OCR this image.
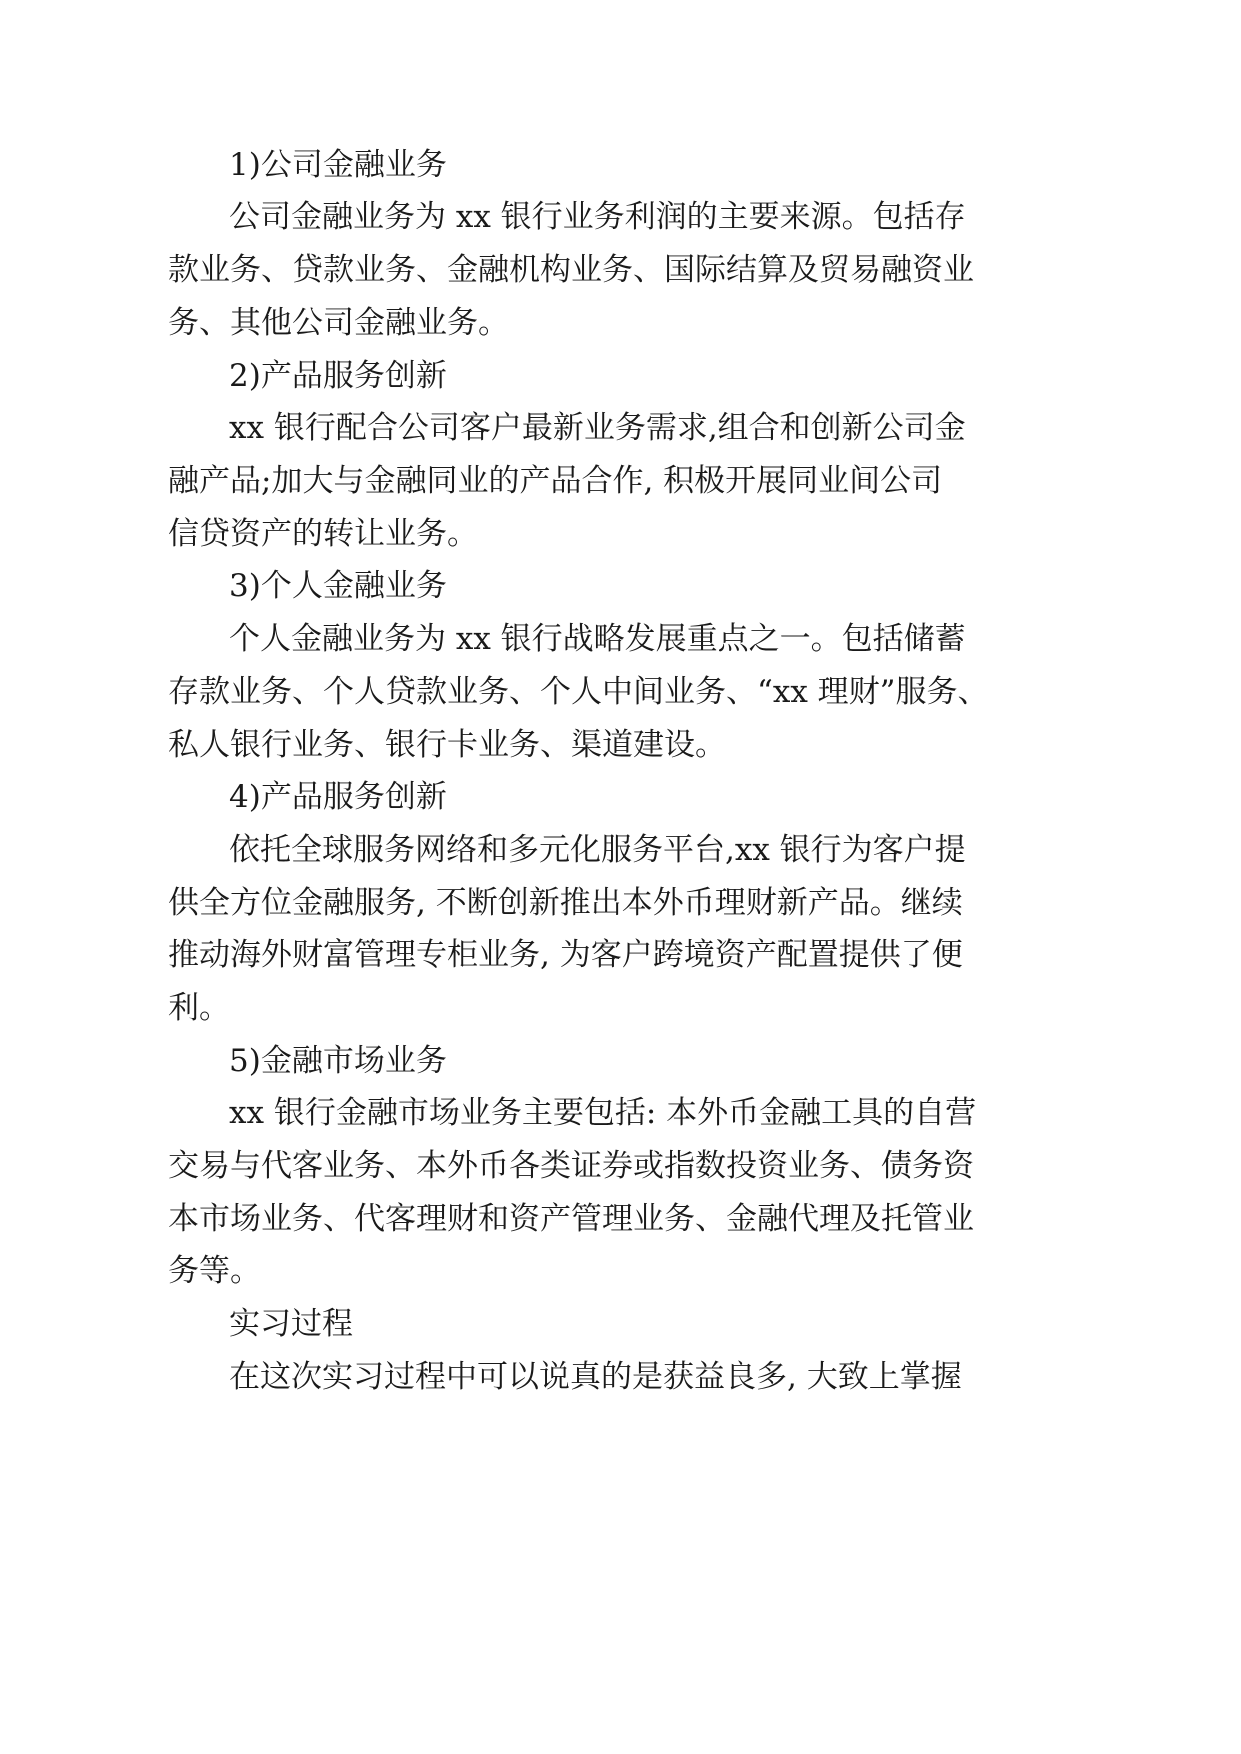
1)公司金融业务

公司金融业务为 xx 银行业务利润的主要来源。包括存

款业务、贷款业务、金融机构业务、国际结算及贸易融资业

务、其他公司金融业务。

2)产品服务创新

xx 银行配合公司客户最新业务需求,组合和创新公司金

融产品;加大与金融同业的产品合作, 积极开展同业间公司

信贷资产的转让业务。

3)个人金融业务

个人金融业务为 xx 银行战略发展重点之一。包括储蓄

存款业务、个人贷款业务、个人中间业务、“xx 理财”服务、

私人银行业务、银行卡业务、渠道建设。

4)产品服务创新

依托全球服务网络和多元化服务平台,xx 银行为客户提

供全方位金融服务, 不断创新推出本外币理财新产品。继续

推动海外财富管理专柜业务, 为客户跨境资产配置提供了便

利。

5)金融市场业务

xx 银行金融市场业务主要包括: 本外币金融工具的自营

交易与代客业务、本外币各类证券或指数投资业务、债务资

本市场业务、代客理财和资产管理业务、金融代理及托管业

务等。

实习过程

在这次实习过程中可以说真的是获益良多, 大致上掌握
